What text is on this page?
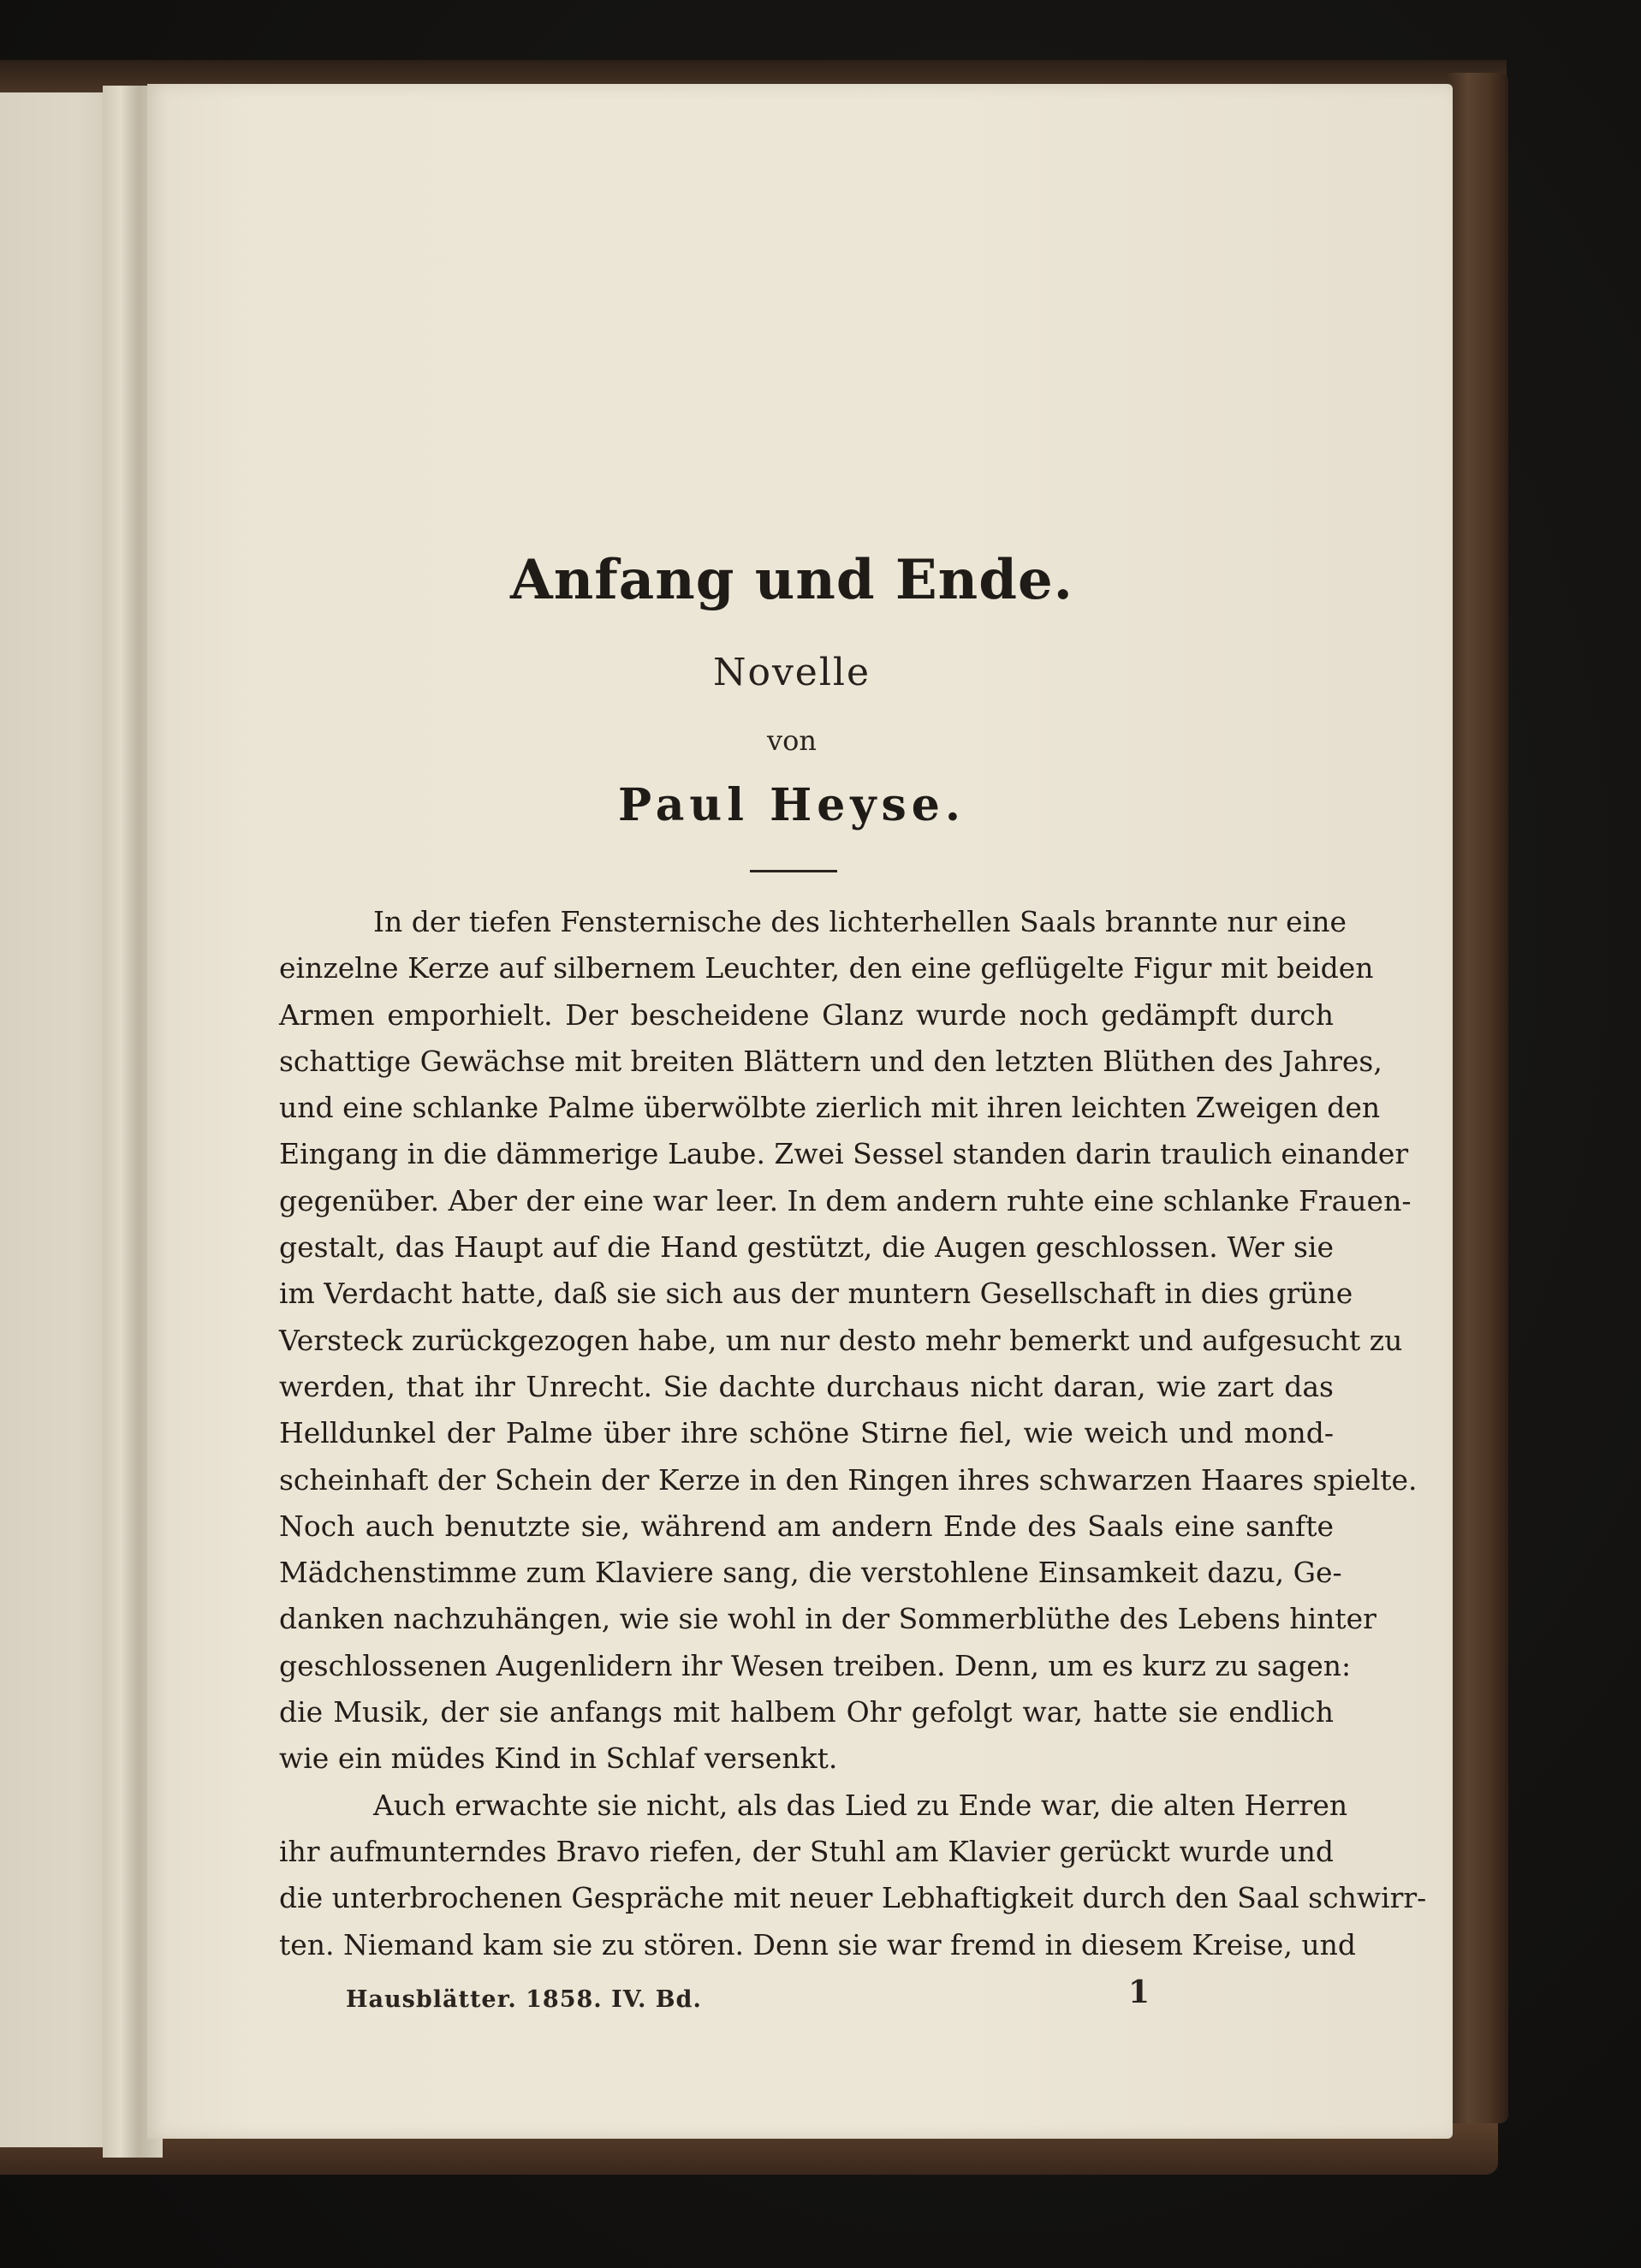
Anfang und Ende.
Novelle
von
Paul Heyse.
In der tiefen Fensternische des lichterhellen Saals brannte nur eine
einzelne Kerze auf silbernem Leuchter, den eine geflügelte Figur mit beiden
Armen emporhielt. Der bescheidene Glanz wurde noch gedämpft durch
schattige Gewächse mit breiten Blättern und den letzten Blüthen des Jahres,
und eine schlanke Palme überwölbte zierlich mit ihren leichten Zweigen den
Eingang in die dämmerige Laube. Zwei Sessel standen darin traulich einander
gegenüber. Aber der eine war leer. In dem andern ruhte eine schlanke Frauen-
gestalt, das Haupt auf die Hand gestützt, die Augen geschlossen. Wer sie
im Verdacht hatte, daß sie sich aus der muntern Gesellschaft in dies grüne
Versteck zurückgezogen habe, um nur desto mehr bemerkt und aufgesucht zu
werden, that ihr Unrecht. Sie dachte durchaus nicht daran, wie zart das
Helldunkel der Palme über ihre schöne Stirne fiel, wie weich und mond-
scheinhaft der Schein der Kerze in den Ringen ihres schwarzen Haares spielte.
Noch auch benutzte sie, während am andern Ende des Saals eine sanfte
Mädchenstimme zum Klaviere sang, die verstohlene Einsamkeit dazu, Ge-
danken nachzuhängen, wie sie wohl in der Sommerblüthe des Lebens hinter
geschlossenen Augenlidern ihr Wesen treiben. Denn, um es kurz zu sagen:
die Musik, der sie anfangs mit halbem Ohr gefolgt war, hatte sie endlich
wie ein müdes Kind in Schlaf versenkt.
Auch erwachte sie nicht, als das Lied zu Ende war, die alten Herren
ihr aufmunterndes Bravo riefen, der Stuhl am Klavier gerückt wurde und
die unterbrochenen Gespräche mit neuer Lebhaftigkeit durch den Saal schwirr-
ten. Niemand kam sie zu stören. Denn sie war fremd in diesem Kreise, und
Hausblätter. 1858. IV. Bd.	1
